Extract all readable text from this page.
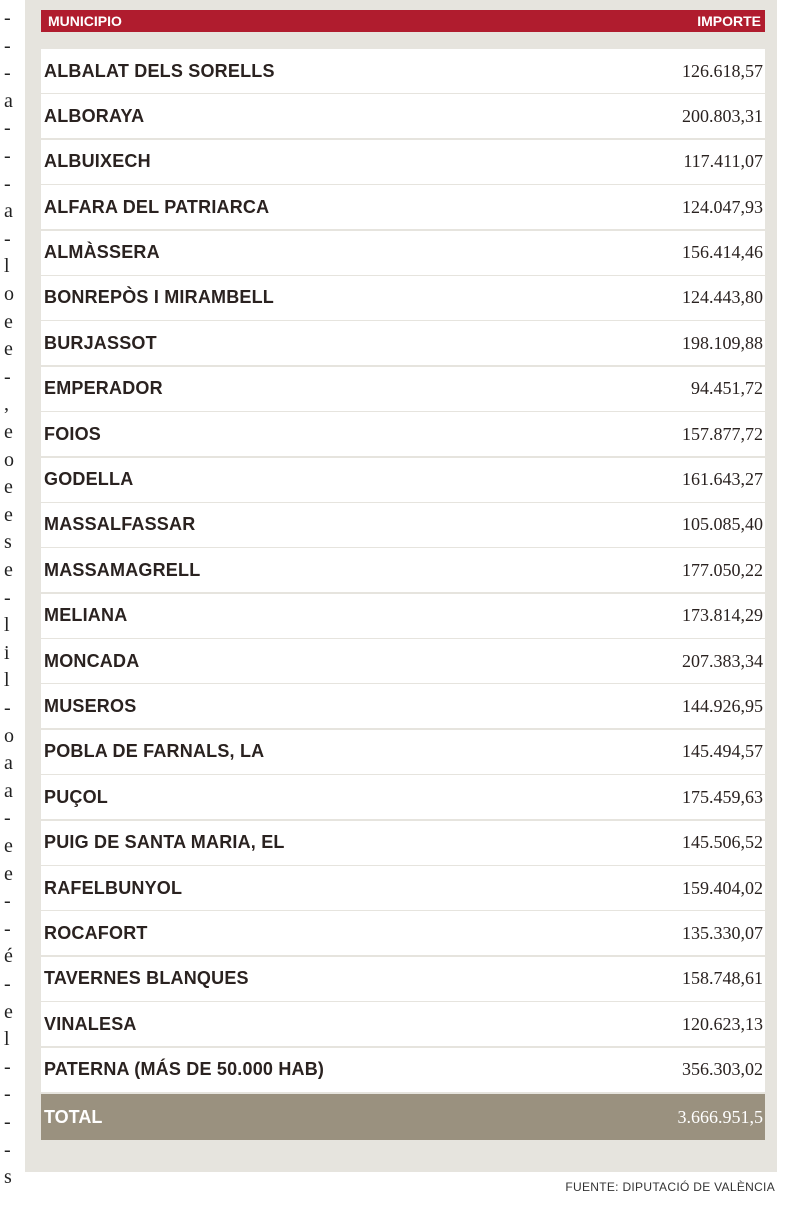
-
-
-
a
-
-
-
a
-
l
o
e
e
-
,
e
o
e
e
s
e
-
l
i
l
-
o
a
a
-
e
e
-
-
é
-
e
l
-
-
-
-
s
MUNICIPIO	IMPORTE
ALBALAT DELS SORELLS	126.618,57
ALBORAYA	200.803,31
ALBUIXECH	117.411,07
ALFARA DEL PATRIARCA	124.047,93
ALMÀSSERA	156.414,46
BONREPÒS I MIRAMBELL	124.443,80
BURJASSOT	198.109,88
EMPERADOR	94.451,72
FOIOS	157.877,72
GODELLA	161.643,27
MASSALFASSAR	105.085,40
MASSAMAGRELL	177.050,22
MELIANA	173.814,29
MONCADA	207.383,34
MUSEROS	144.926,95
POBLA DE FARNALS, LA	145.494,57
PUÇOL	175.459,63
PUIG DE SANTA MARIA, EL	145.506,52
RAFELBUNYOL	159.404,02
ROCAFORT	135.330,07
TAVERNES BLANQUES	158.748,61
VINALESA	120.623,13
PATERNA (MÁS DE 50.000 HAB)	356.303,02
TOTAL	3.666.951,5
FUENTE: DIPUTACIÓ DE VALÈNCIA
